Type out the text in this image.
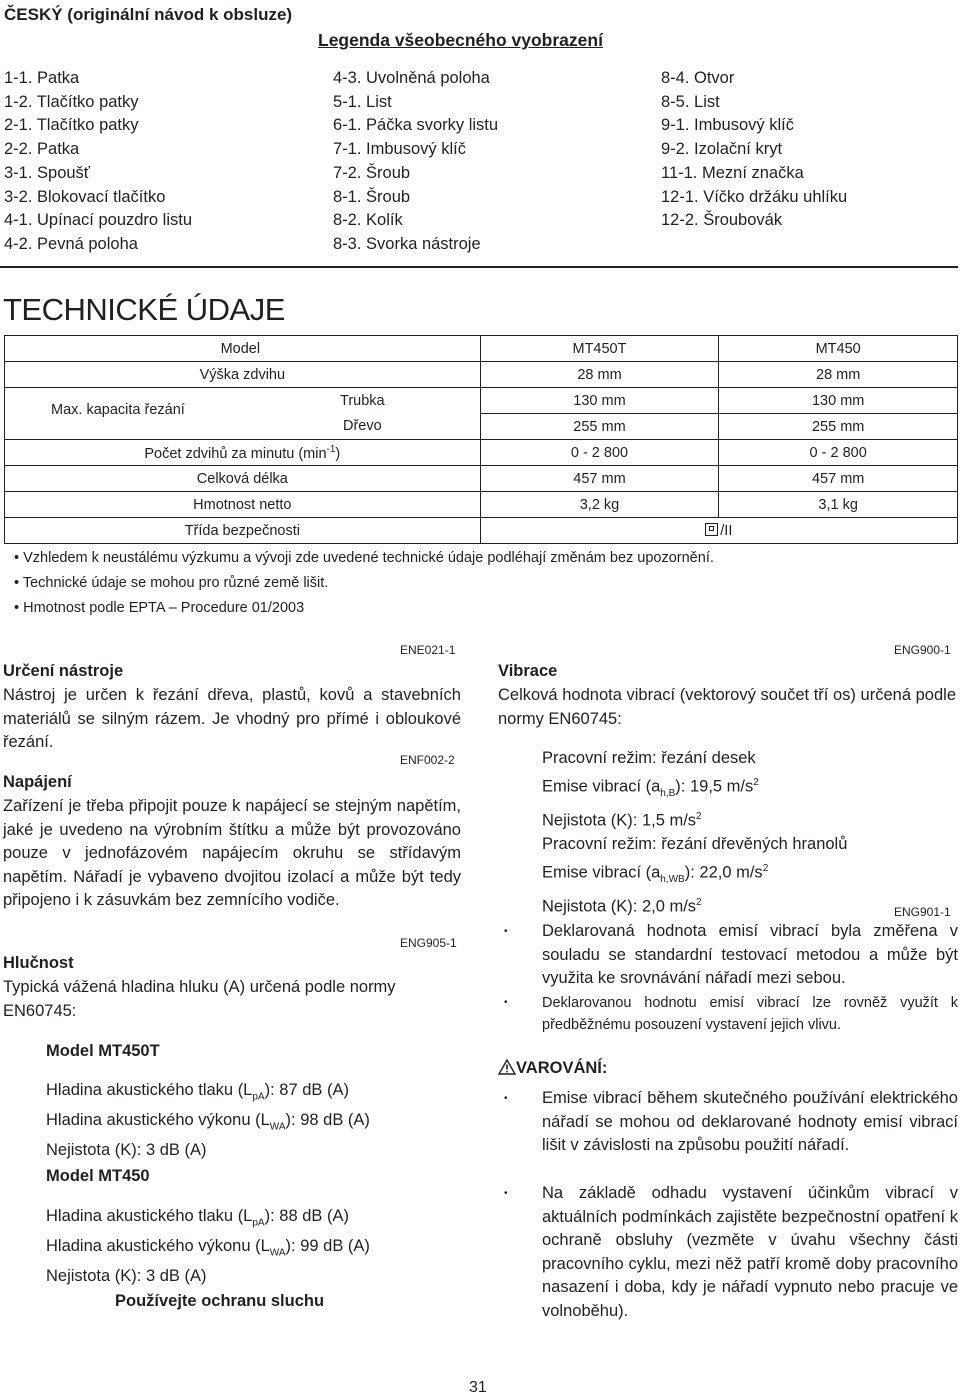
ČESKÝ (originální návod k obsluze)
Legenda všeobecného vyobrazení
1-1. Patka
1-2. Tlačítko patky
2-1. Tlačítko patky
2-2. Patka
3-1. Spoušť
3-2. Blokovací tlačítko
4-1. Upínací pouzdro listu
4-2. Pevná poloha
4-3. Uvolněná poloha
5-1. List
6-1. Páčka svorky listu
7-1. Imbusový klíč
7-2. Šroub
8-1. Šroub
8-2. Kolík
8-3. Svorka nástroje
8-4. Otvor
8-5. List
9-1. Imbusový klíč
9-2. Izolační kryt
11-1. Mezní značka
12-1. Víčko držáku uhlíku
12-2. Šroubovák
TECHNICKÉ ÚDAJE
Model	MT450T	MT450
Výška zdvihu	28 mm	28 mm

Max. kapacita řezání
Trubka	130 mm	130 mm
Dřevo	255 mm	255 mm
Počet zdvihů za minutu $(\min^{-1})$	0 - 2 800	0 - 2 800
Celková délka	457 mm	457 mm
Hmotnost netto	3,2 kg	3,1 kg
Třída bezpečnosti	/II	
• Vzhledem k neustálému výzkumu a vývoji zde uvedené technické údaje podléhají změnám bez upozornění.
• Technické údaje se mohou pro různé země lišit.
• Hmotnost podle EPTA – Procedure 01/2003
ENE021-1
Určení nástroje
Nástroj je určen k řezání dřeva, plastů, kovů a stavebních materiálů se silným rázem. Je vhodný pro přímé i obloukové řezání.
ENF002-2
Napájení
Zařízení je třeba připojit pouze k napájecí se stejným napětím, jaké je uvedeno na výrobním štítku a může být provozováno pouze v jednofázovém napájecím okruhu se střídavým napětím. Nářadí je vybaveno dvojitou izolací a může být tedy připojeno i k zásuvkám bez zemnícího vodiče.
ENG905-1
Hlučnost
Typická vážená hladina hluku (A) určená podle normy EN60745:
Model MT450T
Hladina akustického tlaku $(L_{pA})$: 87 dB (A)
Hladina akustického výkonu $(L_{WA})$: 98 dB (A)
Nejistota (K): 3 dB (A)
Model MT450
Hladina akustického tlaku $(L_{pA})$: 88 dB (A)
Hladina akustického výkonu $(L_{WA})$: 99 dB (A)
Nejistota (K): 3 dB (A)
Používejte ochranu sluchu
ENG900-1
Vibrace
Celková hodnota vibrací (vektorový součet tří os) určená podle normy EN60745:
Pracovní režim: řezání desek
Emise vibrací $(a_{h,B})$: 19,5 $m/s^2$
Nejistota (K): 1,5 $m/s^2$
Pracovní režim: řezání dřevěných hranolů
Emise vibrací $(a_{h,WB})$: 22,0 $m/s^2$
Nejistota (K): 2,0 $m/s^2$
ENG901-1
• Deklarovaná hodnota emisí vibrací byla změřena v souladu se standardní testovací metodou a může být využita ke srovnávání nářadí mezi sebou.
• Deklarovanou hodnotu emisí vibrací lze rovněž využít k předběžnému posouzení vystavení jejich vlivu.
VAROVÁNÍ:
• Emise vibrací během skutečného používání elektrického nářadí se mohou od deklarované hodnoty emisí vibrací lišit v závislosti na způsobu použití nářadí.
• Na základě odhadu vystavení účinkům vibrací v aktuálních podmínkách zajistěte bezpečnostní opatření k ochraně obsluhy (vezměte v úvahu všechny části pracovního cyklu, mezi něž patří kromě doby pracovního nasazení i doba, kdy je nářadí vypnuto nebo pracuje ve volnoběhu).
31
